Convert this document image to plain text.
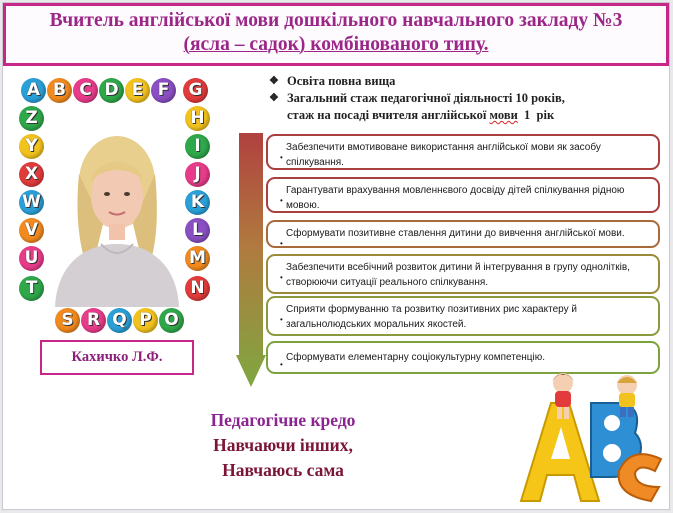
Вчитель англійської мови дошкільного навчального закладу №3
(ясла – садок) комбінованого типу.
A B C D E F	G
Z
Y
X
W
V
U
T
H
I
J
K
L
M
N
O
P
Q
R
S
Кахичко Л.Ф.
❖ Освіта повна вища
❖ Загальний стаж педагогічної діяльності 10 років,
стаж на посаді вчителя англійської мови  1  рік
•
Забезпечити вмотивоване використання англійської мови як засобу спілкування.
•
Гарантувати врахування мовленнєвого досвіду дітей спілкування рідною мовою.
•
Сформувати позитивне ставлення дитини до вивчення англійської мови.
•
Забезпечити всебічний розвиток дитини й інтегрування в групу однолітків, створюючи ситуації реального спілкування.
•
Сприяти формуванню та розвитку позитивних рис характеру й загальнолюдських моральних якостей.
•
Сформувати елементарну соціокультурну компетенцію.
Педагогічне кредо
Навчаючи інших,
Навчаюсь сама
